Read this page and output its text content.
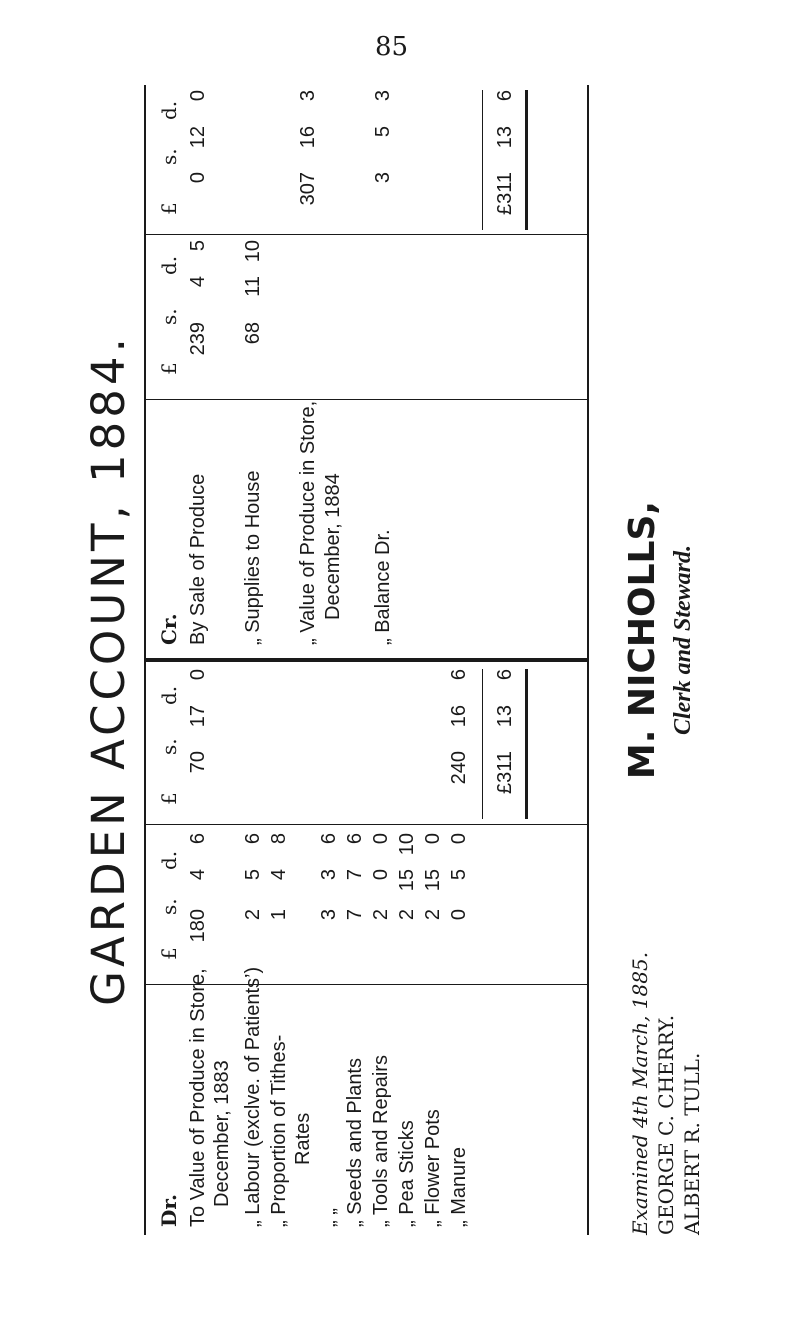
85
GARDEN ACCOUNT, 1884.
Dr.
£
s.
d.
To Value of Produce in Store, December, 1883 „ Labour (exclve. of Patients’) „ Proportion of Tithes- Rates
„ „ „ Seeds and Plants „ Tools and Repairs „ Pea Sticks „ Flower Pots „ Manure
18046
256
148
336
776
200
21510
2150
050
£
s.
d.
70170
240166
£311136
Cr. By Sale of Produce „ Supplies to House „ Value of Produce in Store, December, 1884 „ Balance Dr.
£
s.
d.
23945
681110
£
s.
d.
0120
307163
353
£311136
Examined 4th March, 1885. GEORGE C. CHERRY. ALBERT R. TULL.
M. NICHOLLS, Clerk and Steward.
